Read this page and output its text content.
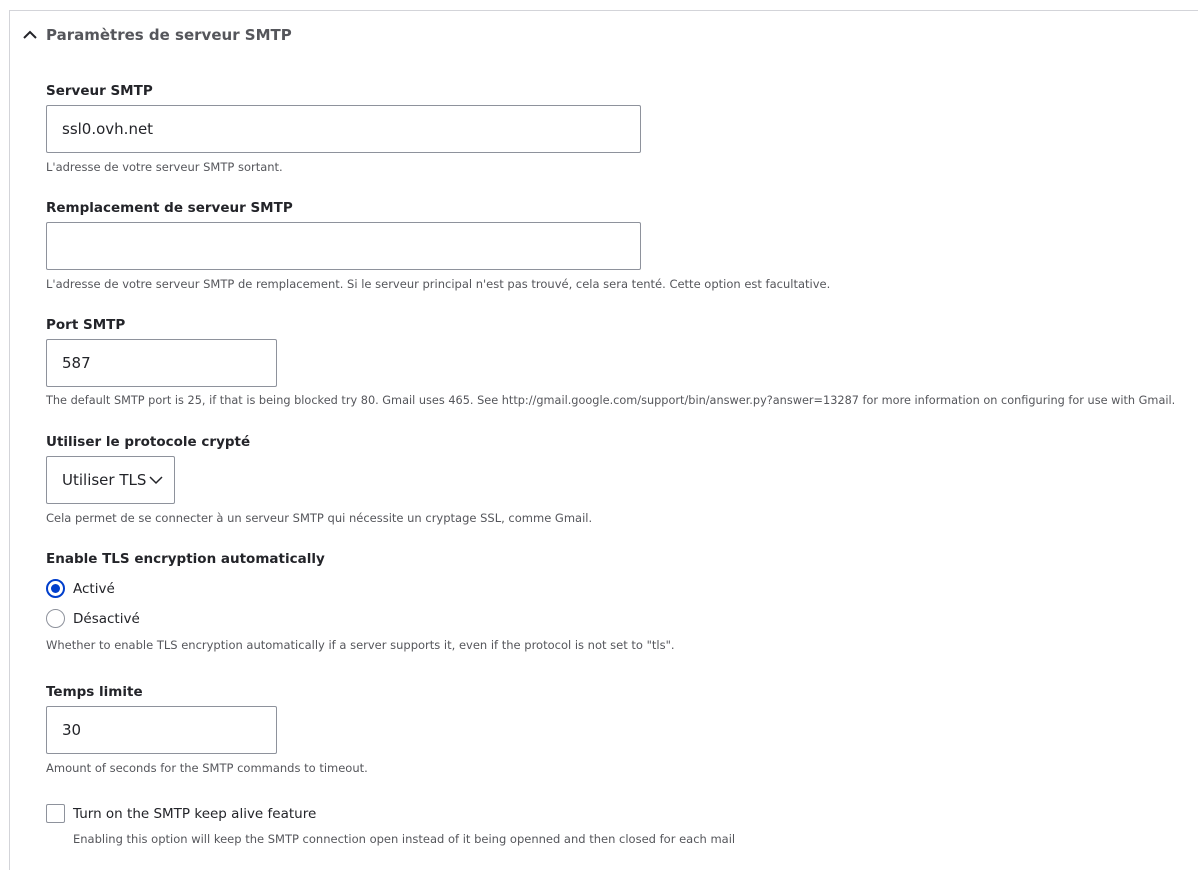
Paramètres de serveur SMTP
Serveur SMTP
ssl0.ovh.net
L'adresse de votre serveur SMTP sortant.
Remplacement de serveur SMTP
L'adresse de votre serveur SMTP de remplacement. Si le serveur principal n'est pas trouvé, cela sera tenté. Cette option est facultative.
Port SMTP
587
The default SMTP port is 25, if that is being blocked try 80. Gmail uses 465. See http://gmail.google.com/support/bin/answer.py?answer=13287 for more information on configuring for use with Gmail.
Utiliser le protocole crypté
Utiliser TLS
Cela permet de se connecter à un serveur SMTP qui nécessite un cryptage SSL, comme Gmail.
Enable TLS encryption automatically
Activé
Désactivé
Whether to enable TLS encryption automatically if a server supports it, even if the protocol is not set to "tls".
Temps limite
30
Amount of seconds for the SMTP commands to timeout.
Turn on the SMTP keep alive feature
Enabling this option will keep the SMTP connection open instead of it being openned and then closed for each mail
